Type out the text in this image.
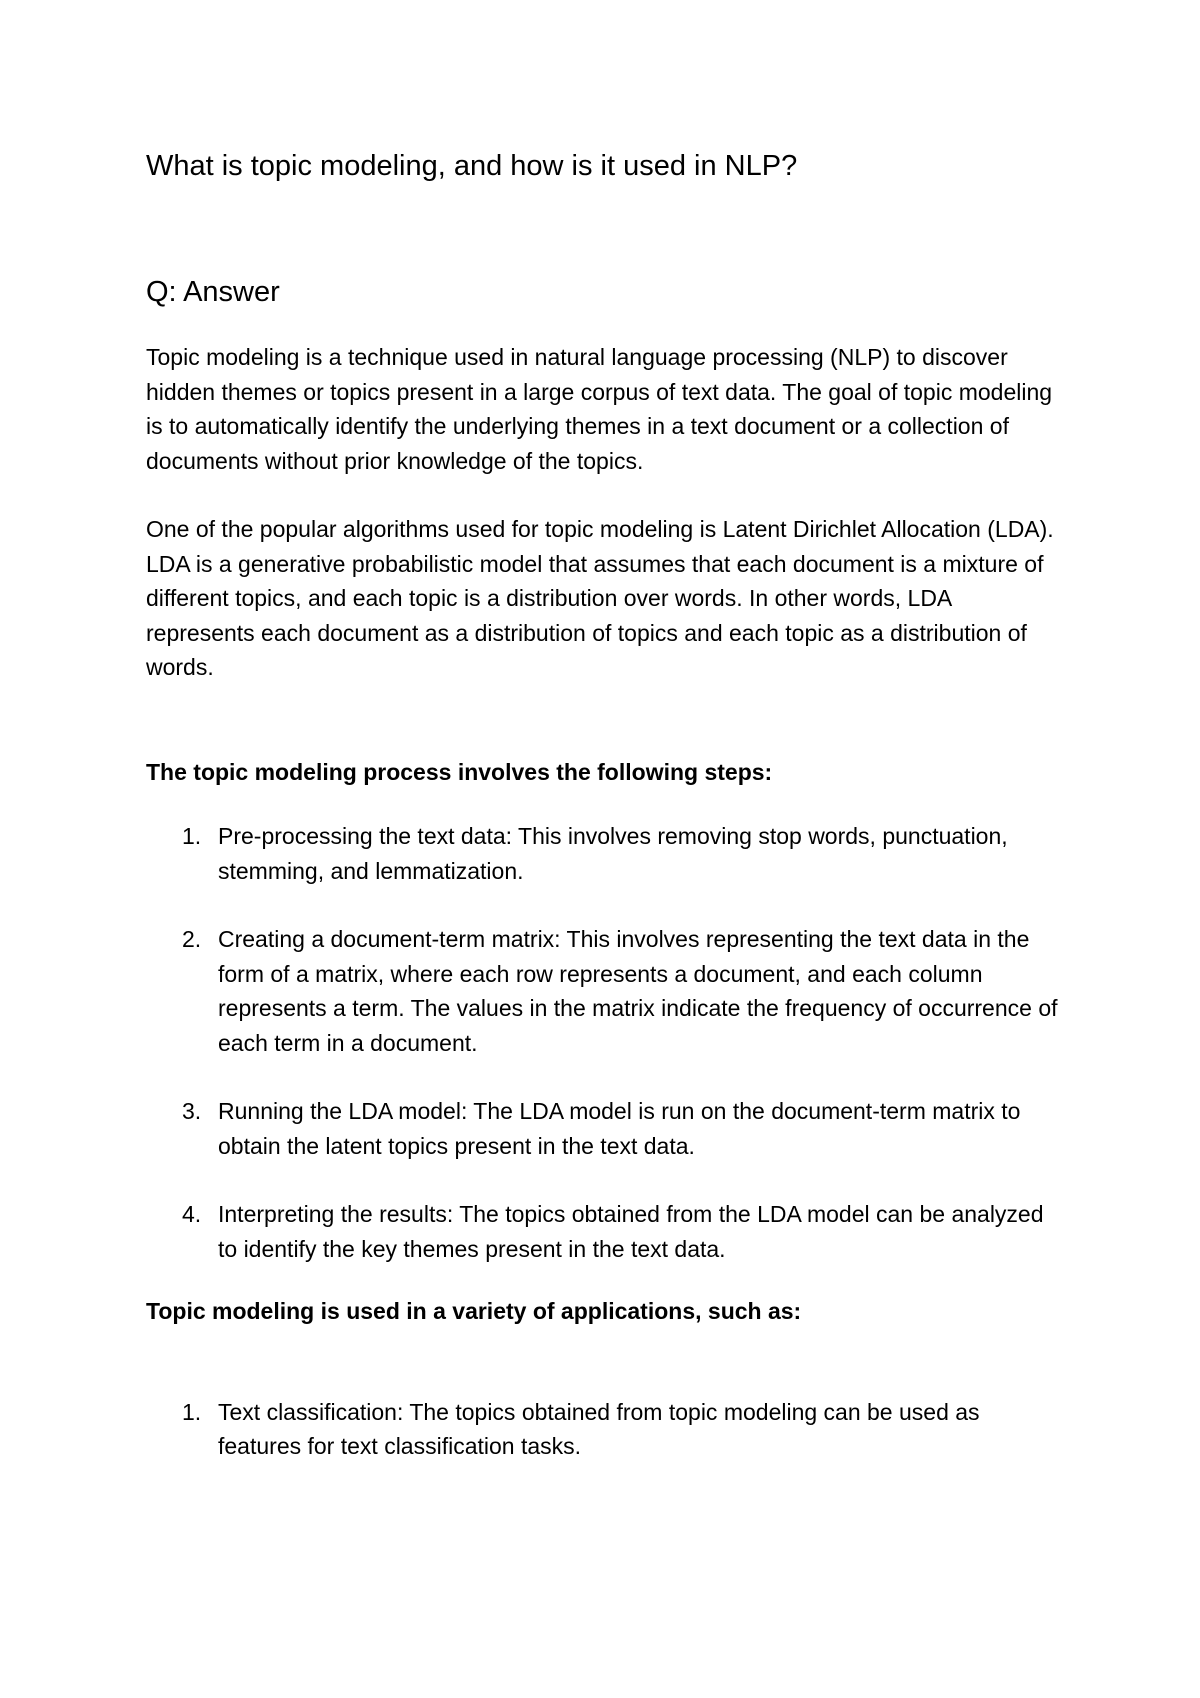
What is topic modeling, and how is it used in NLP?
Q: Answer

Topic modeling is a technique used in natural language processing (NLP) to discover hidden themes or topics present in a large corpus of text data. The goal of topic modeling is to automatically identify the underlying themes in a text document or a collection of documents without prior knowledge of the topics.

One of the popular algorithms used for topic modeling is Latent Dirichlet Allocation (LDA). LDA is a generative probabilistic model that assumes that each document is a mixture of different topics, and each topic is a distribution over words. In other words, LDA represents each document as a distribution of topics and each topic as a distribution of words.

The topic modeling process involves the following steps:

1. Pre-processing the text data: This involves removing stop words, punctuation, stemming, and lemmatization.
2. Creating a document-term matrix: This involves representing the text data in the form of a matrix, where each row represents a document, and each column represents a term. The values in the matrix indicate the frequency of occurrence of each term in a document.
3. Running the LDA model: The LDA model is run on the document-term matrix to obtain the latent topics present in the text data.
4. Interpreting the results: The topics obtained from the LDA model can be analyzed to identify the key themes present in the text data.

Topic modeling is used in a variety of applications, such as:

1. Text classification: The topics obtained from topic modeling can be used as features for text classification tasks.
